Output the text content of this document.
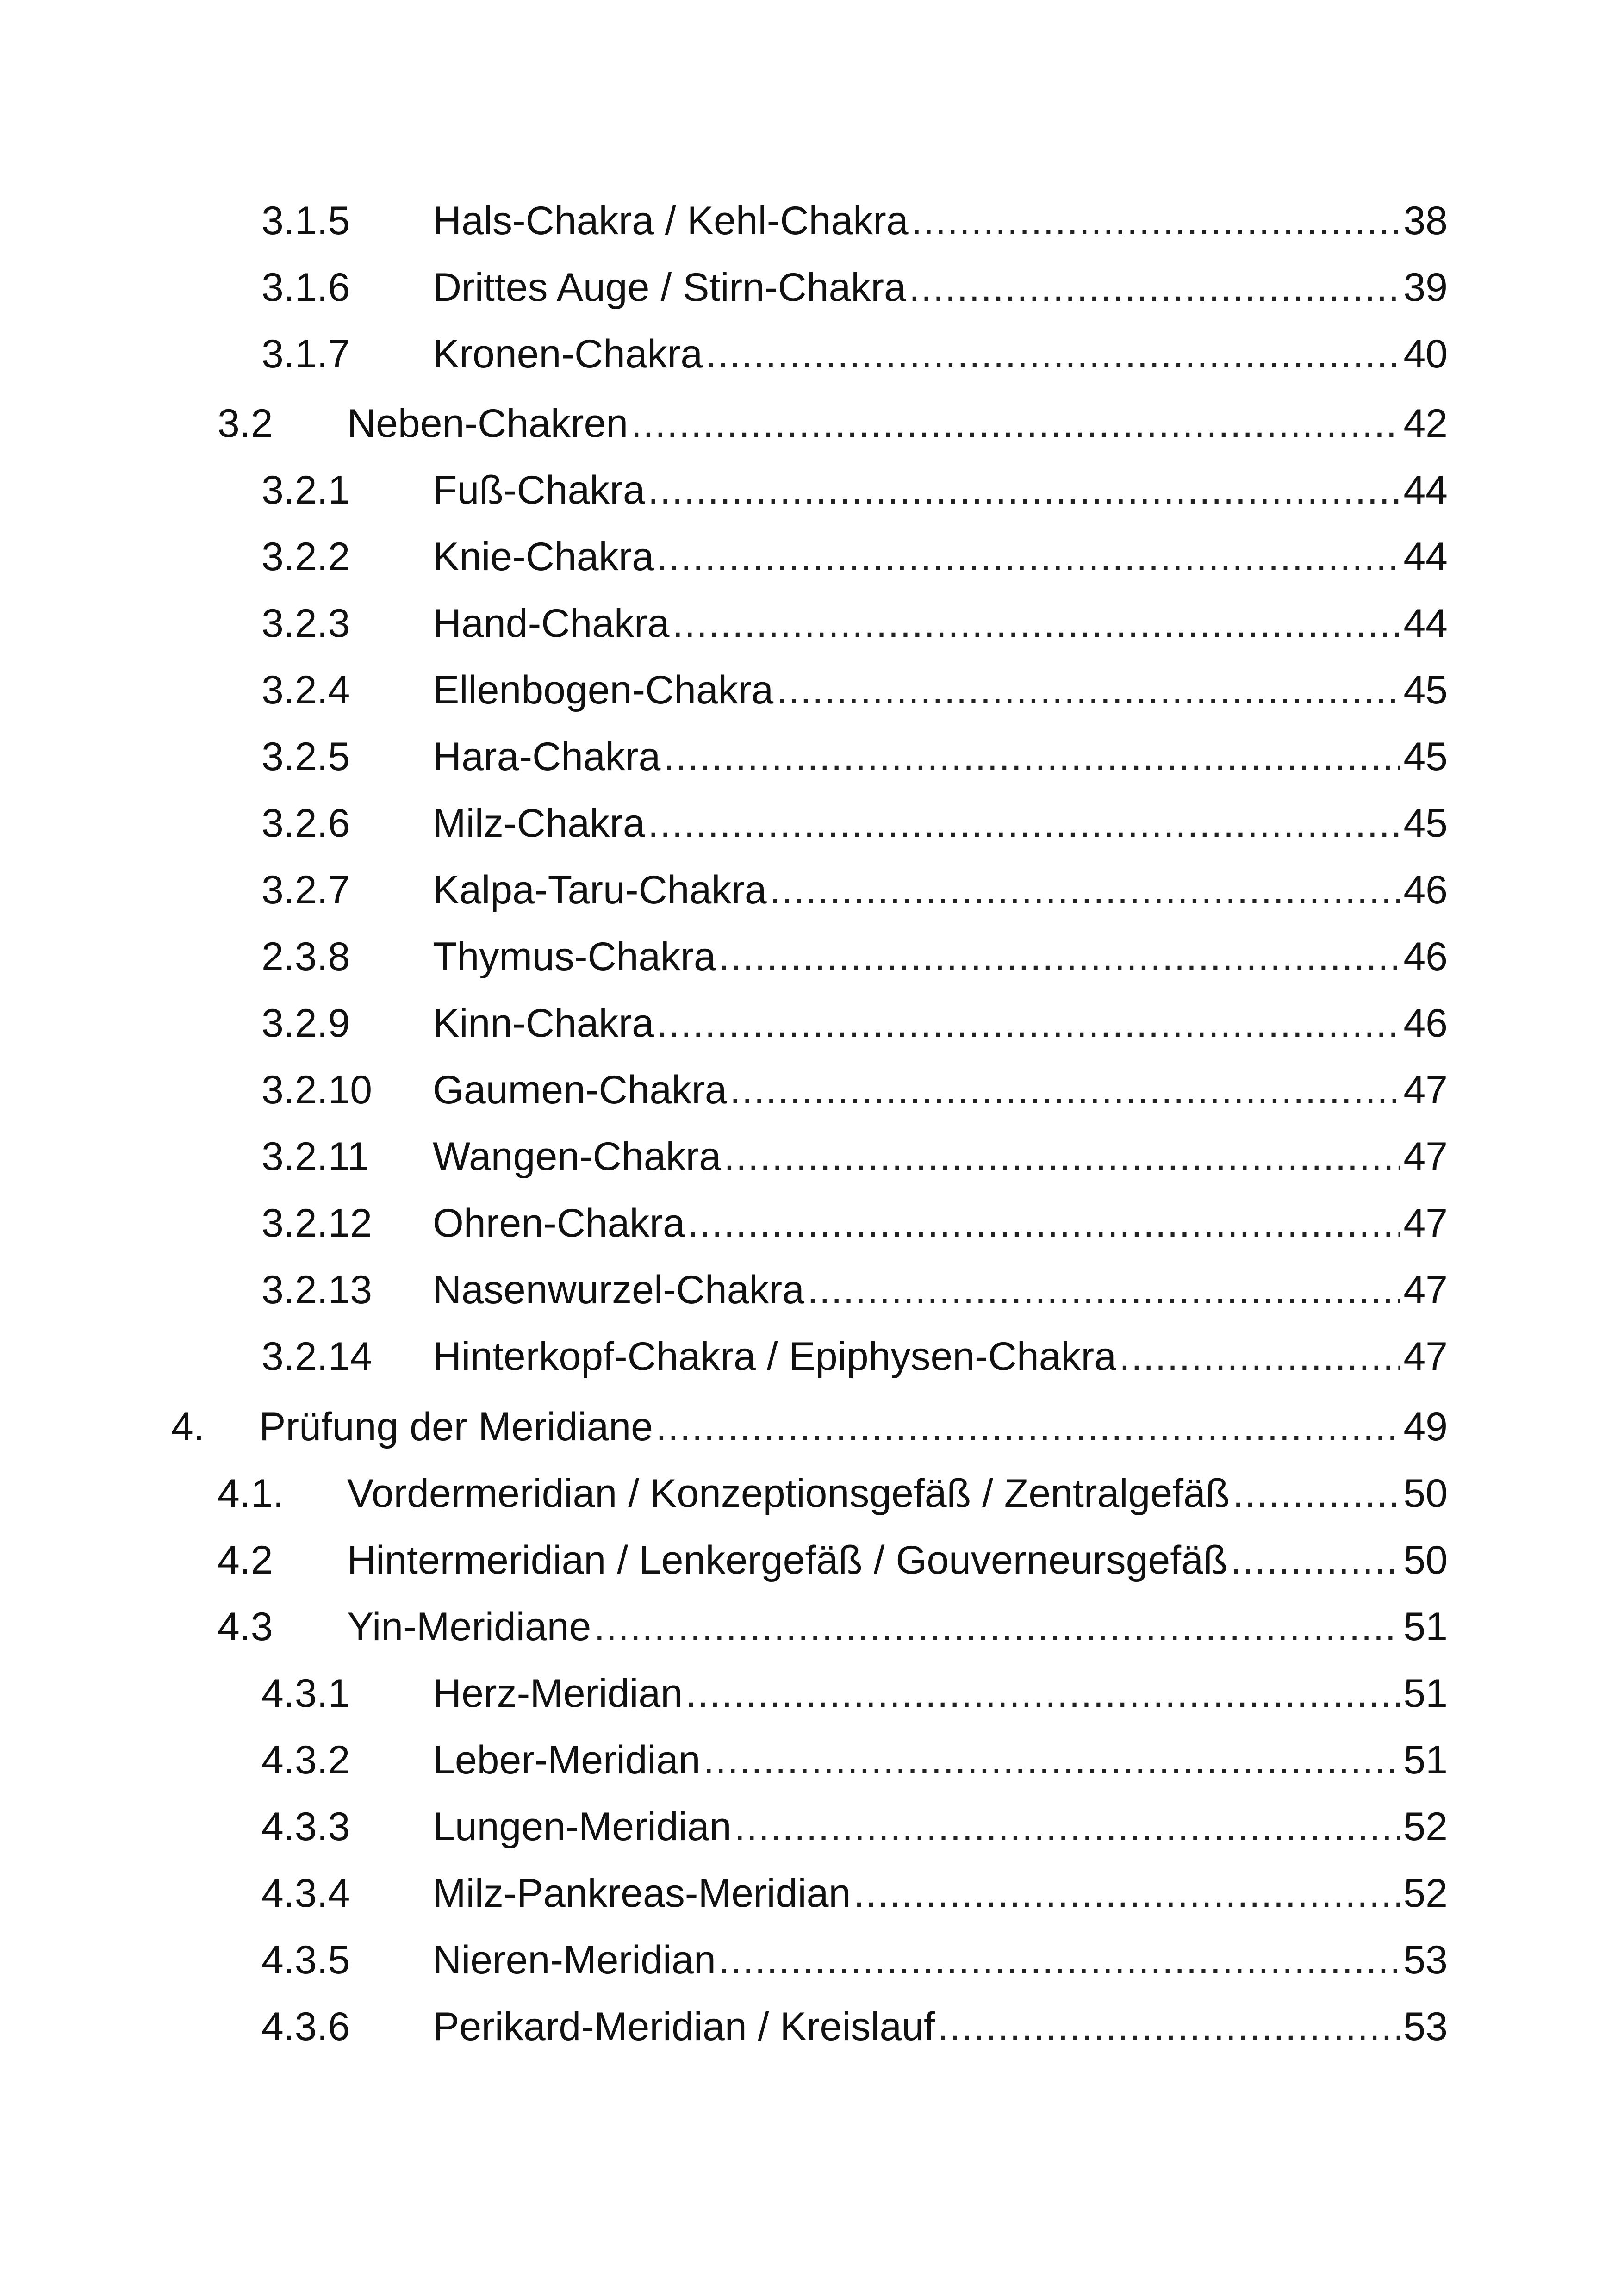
3.1.5	Hals-Chakra / Kehl-Chakra .....	38
3.1.6	Drittes Auge / Stirn-Chakra .....	39
3.1.7	Kronen-Chakra .....	40
3.2	Neben-Chakren .....	42
3.2.1	Fuß-Chakra .....	44
3.2.2	Knie-Chakra .....	44
3.2.3	Hand-Chakra .....	44
3.2.4	Ellenbogen-Chakra .....	45
3.2.5	Hara-Chakra .....	45
3.2.6	Milz-Chakra .....	45
3.2.7	Kalpa-Taru-Chakra .....	46
2.3.8	Thymus-Chakra .....	46
3.2.9	Kinn-Chakra .....	46
3.2.10	Gaumen-Chakra .....	47
3.2.11	Wangen-Chakra .....	47
3.2.12	Ohren-Chakra .....	47
3.2.13	Nasenwurzel-Chakra .....	47
3.2.14	Hinterkopf-Chakra / Epiphysen-Chakra .....	47
4.	Prüfung der Meridiane .....	49
4.1.	Vordermeridian / Konzeptionsgefäß / Zentralgefäß .....	50
4.2	Hintermeridian / Lenkergefäß / Gouverneursgefäß .....	50
4.3	Yin-Meridiane .....	51
4.3.1	Herz-Meridian .....	51
4.3.2	Leber-Meridian .....	51
4.3.3	Lungen-Meridian .....	52
4.3.4	Milz-Pankreas-Meridian .....	52
4.3.5	Nieren-Meridian .....	53
4.3.6	Perikard-Meridian / Kreislauf .....	53
